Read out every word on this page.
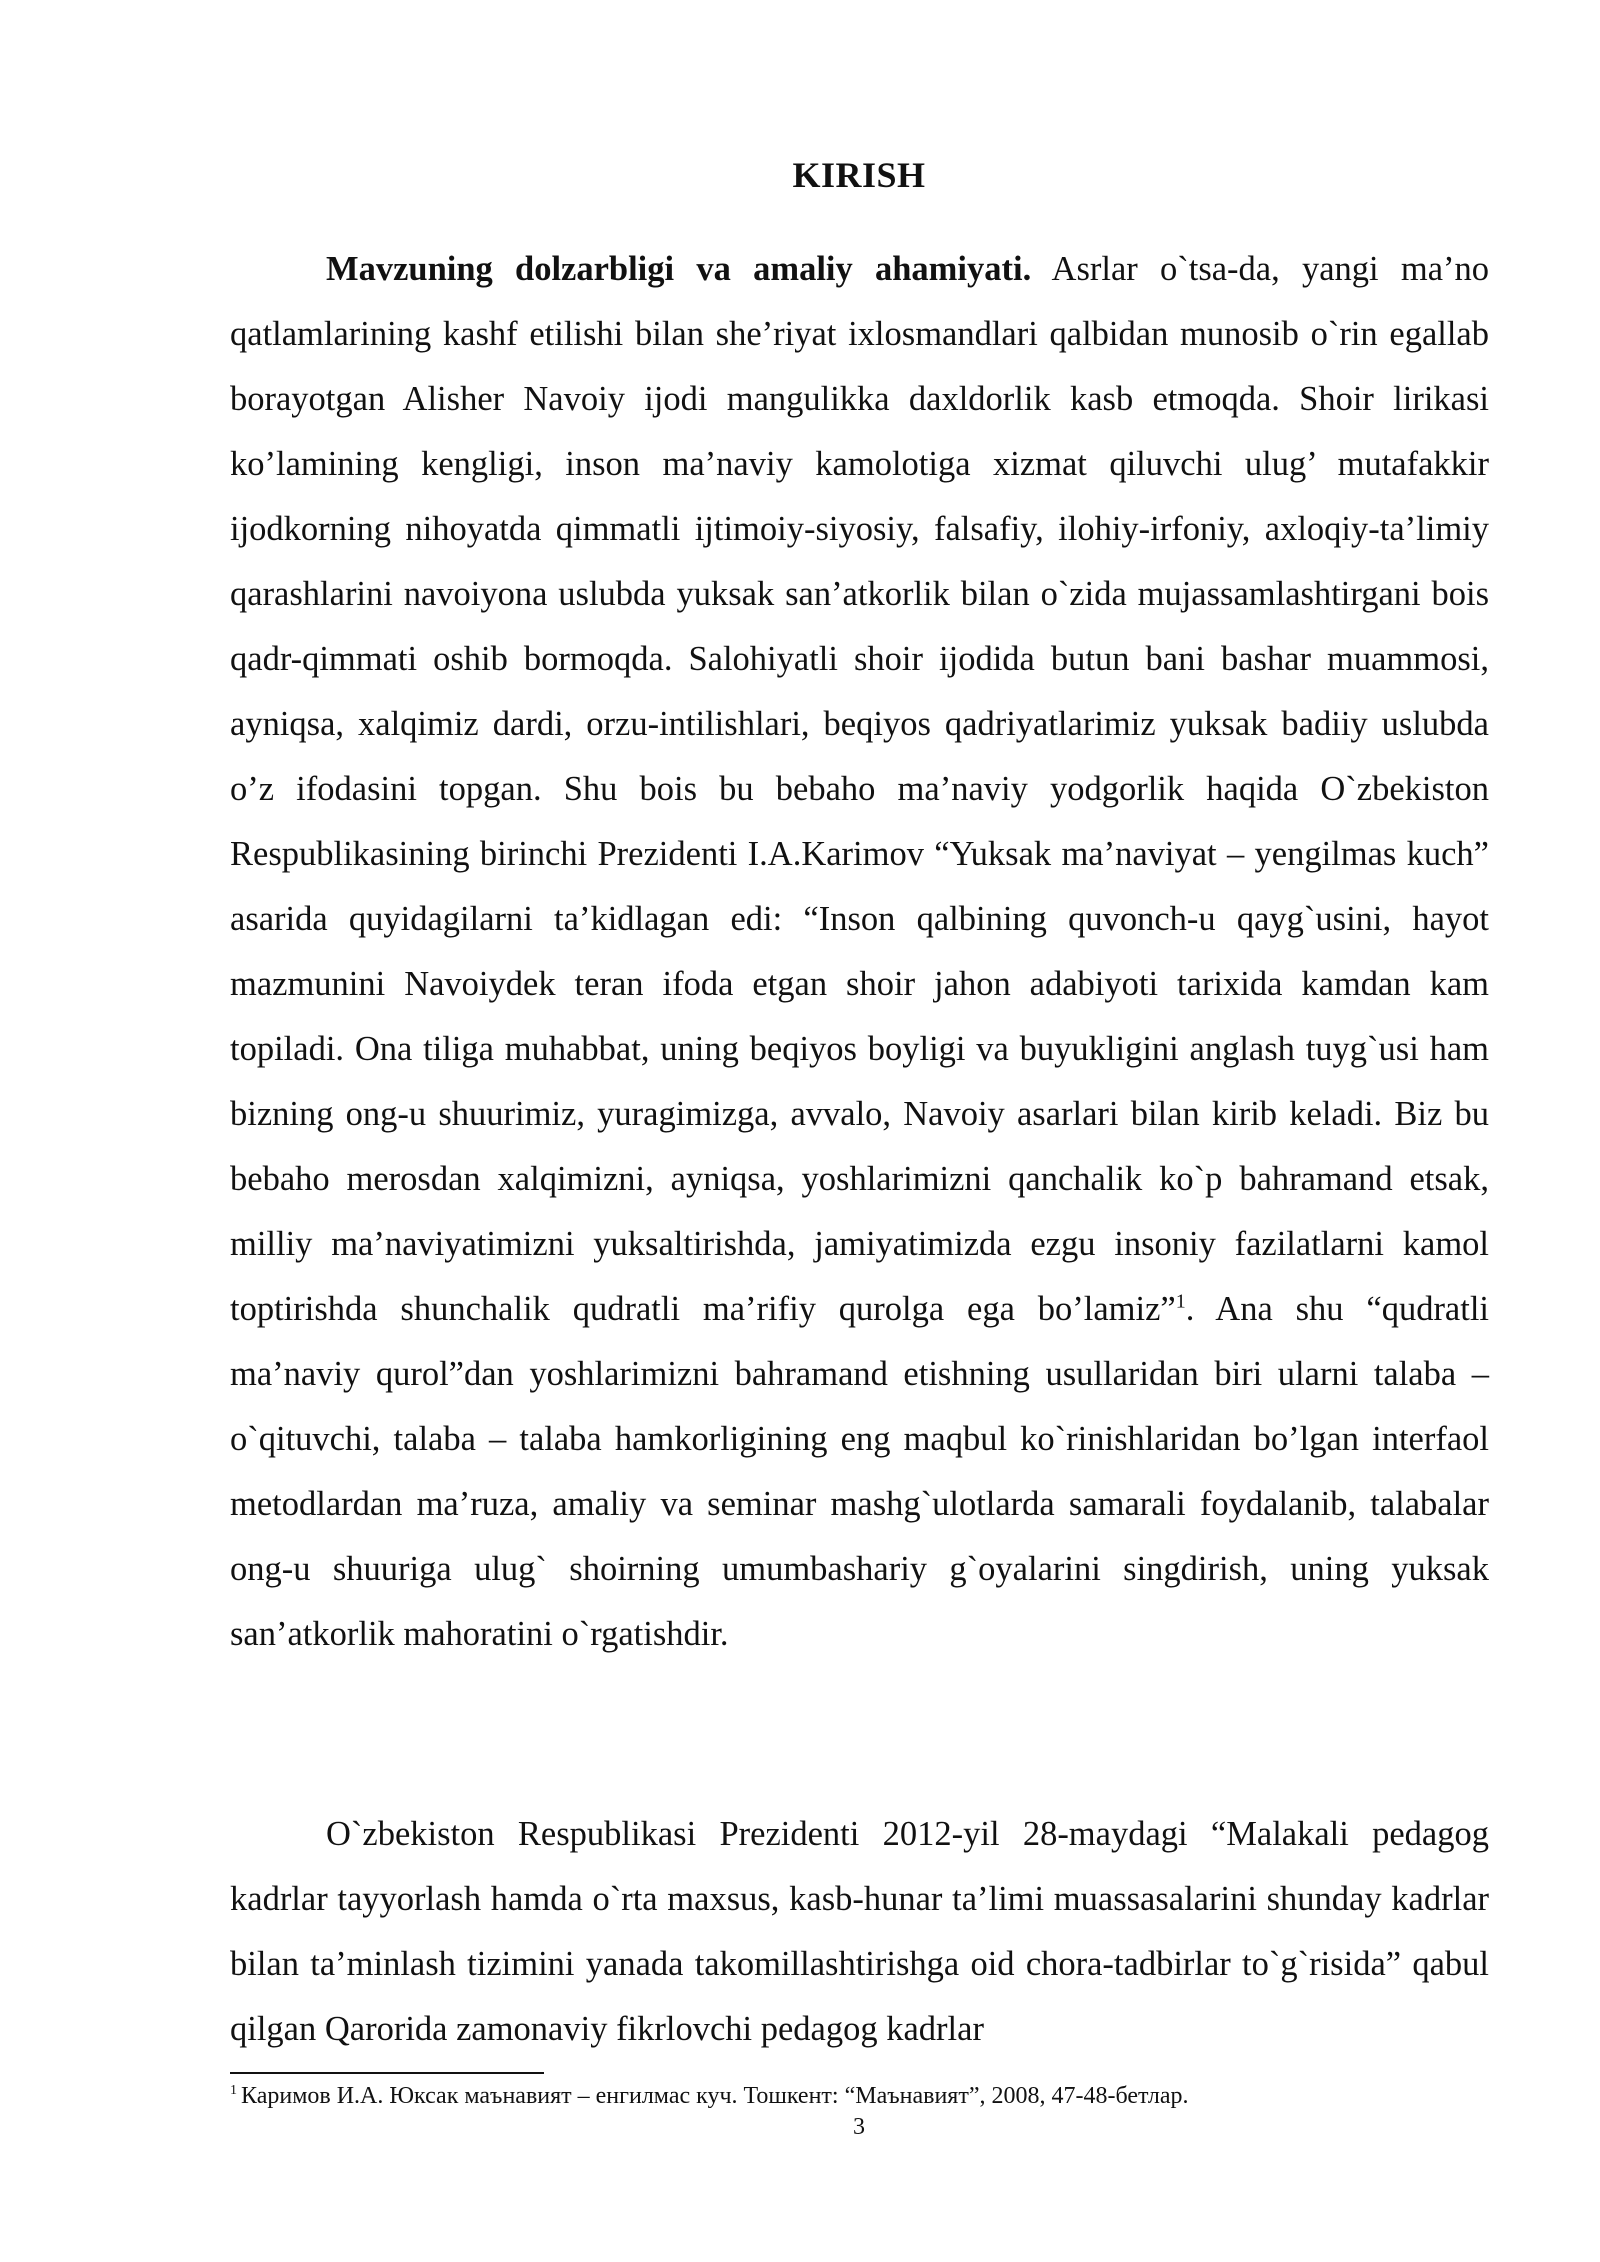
KIRISH

Mavzuning dolzarbligi va amaliy ahamiyati. Asrlar o`tsa-da, yangi ma’no qatlamlarining kashf etilishi bilan she’riyat ixlosmandlari qalbidan munosib o`rin egallab borayotgan Alisher Navoiy ijodi mangulikka daxldorlik kasb etmoqda. Shoir lirikasi ko’lamining kengligi, inson ma’naviy kamolotiga xizmat qiluvchi ulug’ mutafakkir ijodkorning nihoyatda qimmatli ijtimoiy-siyosiy, falsafiy, ilohiy-irfoniy, axloqiy-ta’limiy qarashlarini navoiyona uslubda yuksak san’atkorlik bilan o`zida mujassamlashtirgani bois qadr-qimmati oshib bormoqda. Salohiyatli shoir ijodida butun bani bashar muammosi, ayniqsa, xalqimiz dardi, orzu-intilishlari, beqiyos qadriyatlarimiz yuksak badiiy uslubda o’z ifodasini topgan. Shu bois bu bebaho ma’naviy yodgorlik haqida O`zbekiston Respublikasining birinchi Prezidenti I.A.Karimov “Yuksak ma’naviyat – yengilmas kuch” asarida quyidagilarni ta’kidlagan edi: “Inson qalbining quvonch-u qayg`usini, hayot mazmunini Navoiydek teran ifoda etgan shoir jahon adabiyoti tarixida kamdan kam topiladi. Ona tiliga muhabbat, uning beqiyos boyligi va buyukligini anglash tuyg`usi ham bizning ong-u shuurimiz, yuragimizga, avvalo, Navoiy asarlari bilan kirib keladi. Biz bu bebaho merosdan xalqimizni, ayniqsa, yoshlarimizni qanchalik ko`p bahramand etsak, milliy ma’naviyatimizni yuksaltirishda, jamiyatimizda ezgu insoniy fazilatlarni kamol toptirishda shunchalik qudratli ma’rifiy qurolga ega bo’lamiz”$^1$. Ana shu “qudratli ma’naviy qurol”dan yoshlarimizni bahramand etishning usullaridan biri ularni talaba – o`qituvchi, talaba – talaba hamkorligining eng maqbul ko`rinishlaridan bo’lgan interfaol metodlardan ma’ruza, amaliy va seminar mashg`ulotlarda samarali foydalanib, talabalar ong-u shuuriga ulug` shoirning umumbashariy g`oyalarini singdirish, uning yuksak san’atkorlik mahoratini o`rgatishdir.

O`zbekiston Respublikasi Prezidenti 2012-yil 28-maydagi “Malakali pedagog kadrlar tayyorlash hamda o`rta maxsus, kasb-hunar ta’limi muassasalarini shunday kadrlar bilan ta’minlash tizimini yanada takomillashtirishga oid chora-tadbirlar to`g`risida” qabul qilgan Qarorida zamonaviy fikrlovchi pedagog kadrlar

$^1$ Каримов И.А. Юксак маънавият – енгилмас куч. Тошкент: “Маънавият”, 2008, 47-48-бетлар.
3
